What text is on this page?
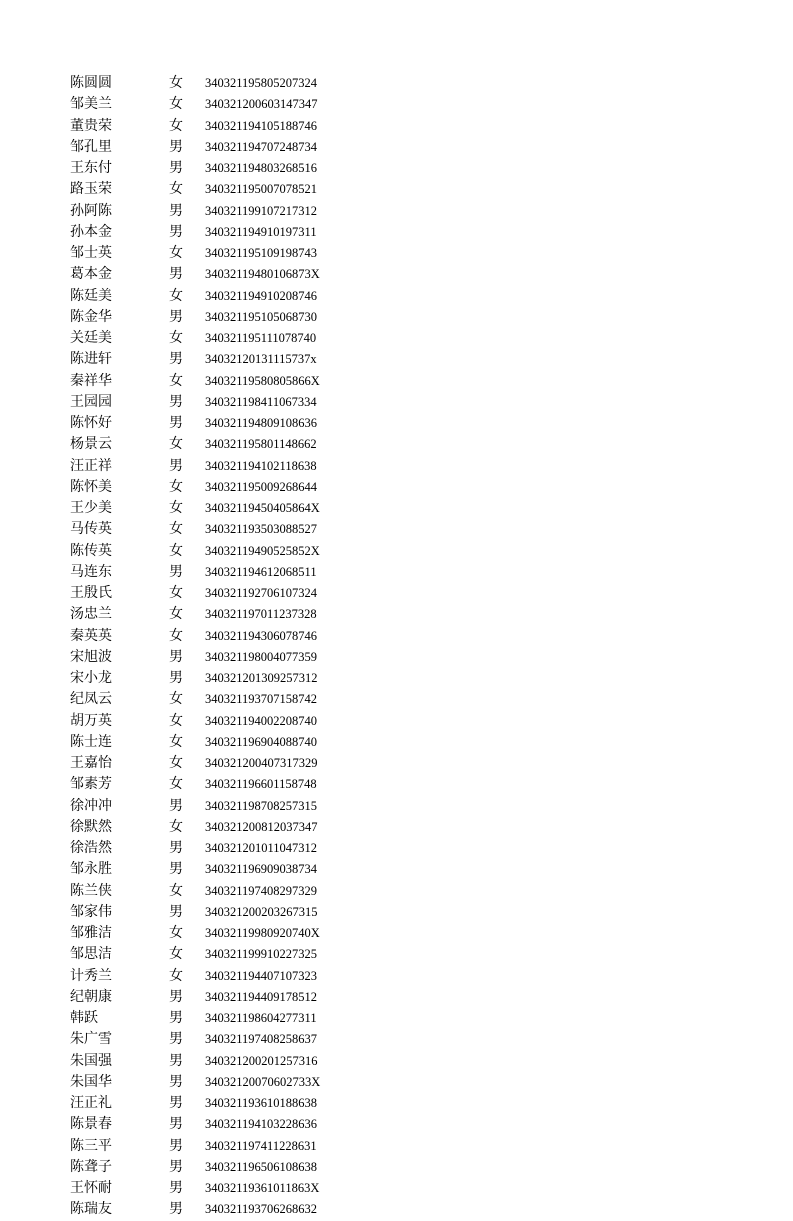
陈圆圆	女 340321195805207324
邹美兰	女 340321200603147347
董贵荣	女 340321194105188746
邹孔里	男 340321194707248734
王东付	男 340321194803268516
路玉荣	女 340321195007078521
孙阿陈	男 340321199107217312
孙本金	男 340321194910197311
邹士英	女 340321195109198743
葛本金	男 34032119480106873X
陈廷美	女 340321194910208746
陈金华	男 340321195105068730
关廷美	女 340321195111078740
陈进轩	男 34032120131115737x
秦祥华	女 34032119580805866X
王园园	男 340321198411067334
陈怀好	男 340321194809108636
杨景云	女 340321195801148662
汪正祥	男 340321194102118638
陈怀美	女 340321195009268644
王少美	女 34032119450405864X
马传英	女 340321193503088527
陈传英	女 34032119490525852X
马连东	男 340321194612068511
王殷氏	女 340321192706107324
汤忠兰	女 340321197011237328
秦英英	女 340321194306078746
宋旭波	男 340321198004077359
宋小龙	男 340321201309257312
纪凤云	女 340321193707158742
胡万英	女 340321194002208740
陈士连	女 340321196904088740
王嘉怡	女 340321200407317329
邹素芳	女 340321196601158748
徐冲冲	男 340321198708257315
徐默然	女 340321200812037347
徐浩然	男 340321201011047312
邹永胜	男 340321196909038734
陈兰侠	女 340321197408297329
邹家伟	男 340321200203267315
邹雅洁	女 34032119980920740X
邹思洁	女 340321199910227325
计秀兰	女 340321194407107323
纪朝康	男 340321194409178512
韩跃	男 340321198604277311
朱广雪	男 340321197408258637
朱国强	男 340321200201257316
朱国华	男 34032120070602733X
汪正礼	男 340321193610188638
陈景春	男 340321194103228636
陈三平	男 340321197411228631
陈聋子	男 340321196506108638
王怀耐	男 34032119361011863X
陈瑞友	男 340321193706268632
